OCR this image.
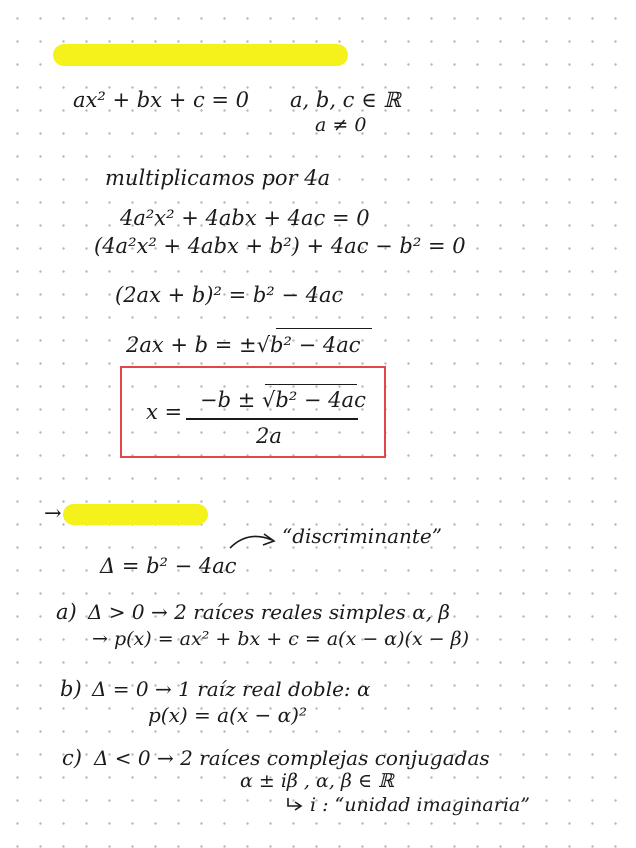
ax² + bx + c = 0 a, b, c ∈ ℝ
a ≠ 0
multiplicamos por 4a
4a²x² + 4abx + 4ac = 0
(4a²x² + 4abx + b²) + 4ac − b² = 0
(2ax + b)² = b² − 4ac
2ax + b = ±√b² − 4ac
x = −b ± √b² − 4ac
2a
→
“discriminante”
Δ = b² − 4ac
a) Δ > 0 → 2 raíces reales simples α, β
→ p(x) = ax² + bx + c = a(x − α)(x − β)
b) Δ = 0 → 1 raíz real doble: α
p(x) = a(x − α)²
c) Δ < 0 → 2 raíces complejas conjugadas
α ± iβ , α, β ∈ ℝ
i : “unidad imaginaria”
